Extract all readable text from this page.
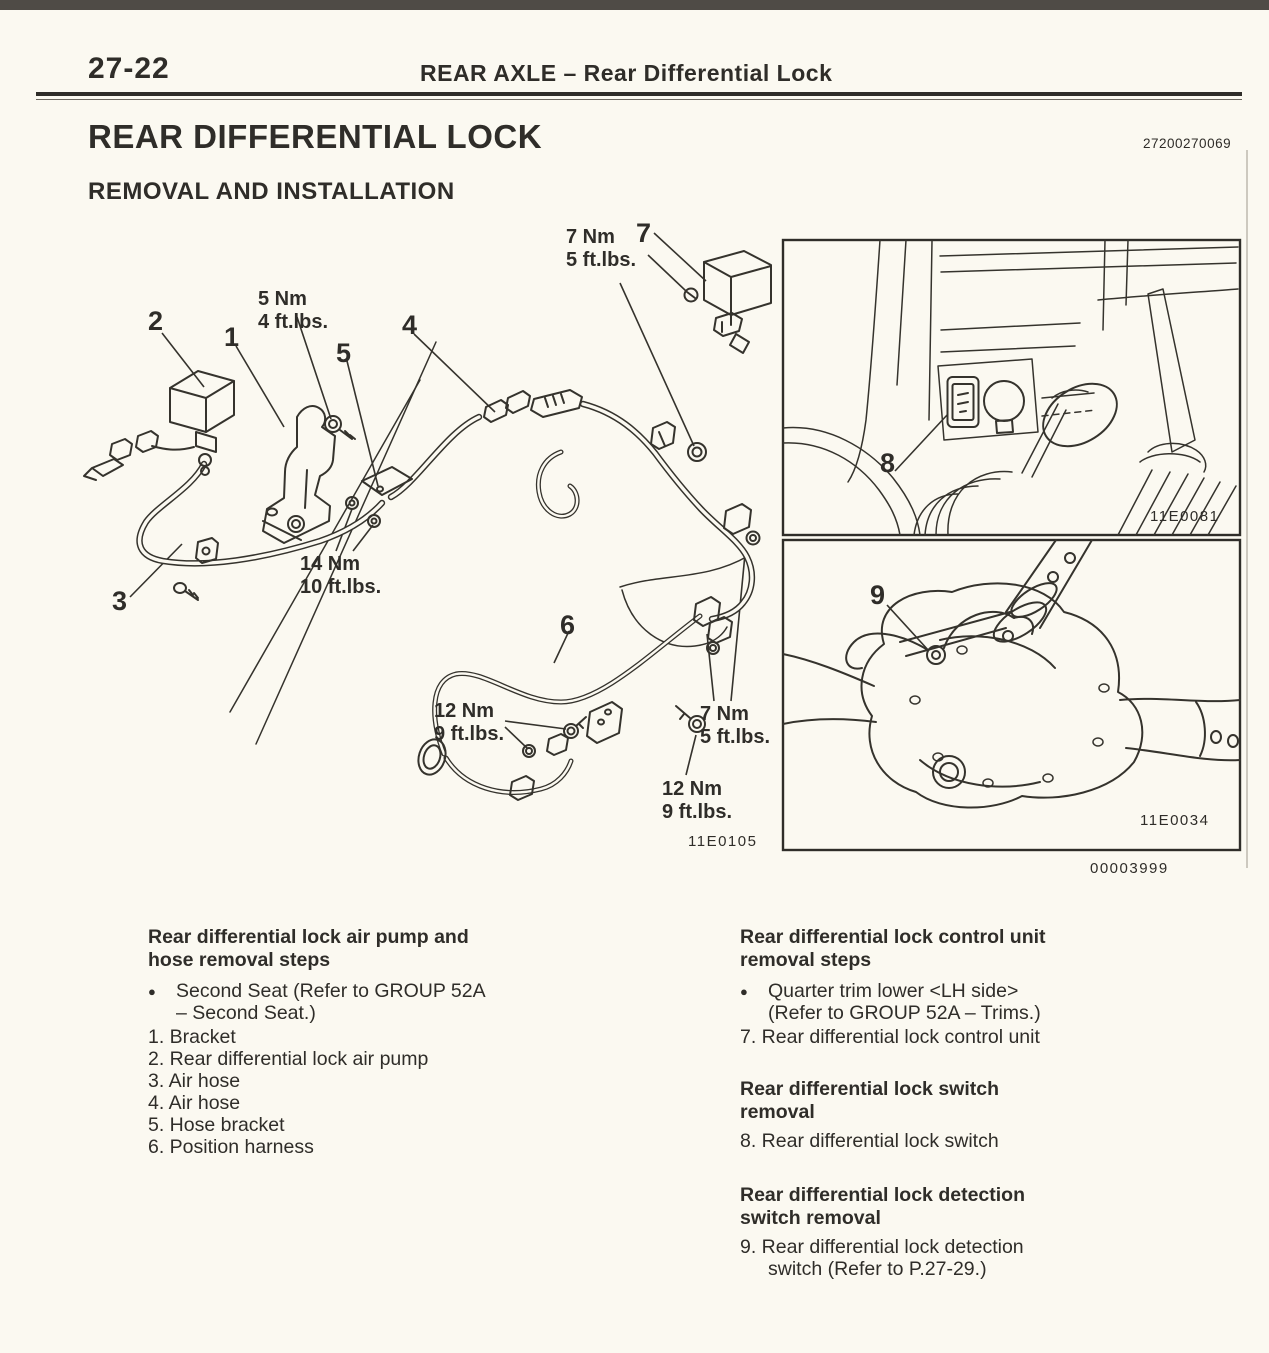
27-22	REAR AXLE – Rear Differential Lock
REAR DIFFERENTIAL LOCK	27200270069
REMOVAL AND INSTALLATION
7 Nm
5 ft.lbs.
5 Nm
4 ft.lbs.
14 Nm
10 ft.lbs.
12 Nm
9 ft.lbs.
7 Nm
5 ft.lbs.
12 Nm
9 ft.lbs.
1
2
3
4
5
6
7
8
9
11E0105
11E0081
11E0034
00003999
Rear differential lock air pump and
hose removal steps
● Second Seat (Refer to GROUP 52A
– Second Seat.)
1. Bracket
2. Rear differential lock air pump
3. Air hose
4. Air hose
5. Hose bracket
6. Position harness
Rear differential lock control unit
removal steps
● Quarter trim lower <LH side>
(Refer to GROUP 52A – Trims.)
7. Rear differential lock control unit
Rear differential lock switch
removal
8. Rear differential lock switch
Rear differential lock detection
switch removal
9. Rear differential lock detection
switch (Refer to P.27-29.)
